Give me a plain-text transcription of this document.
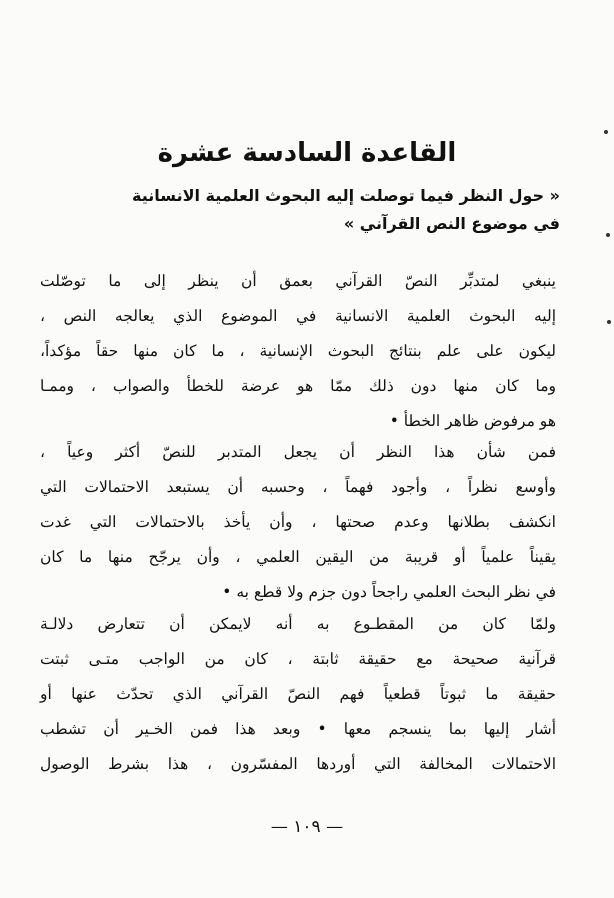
القاعدة السادسة عشرة
« حول النظر فيما توصلت إليه البحوث العلمية الانسانية
في موضوع النص القرآني »
ينبغي لمتدبِّر النصّ القرآني بعمق أن ينظر إلى ما توصّلت
إليه البحوث العلمية الانسانية في الموضوع الذي يعالجه النص ،
ليكون على علم بنتائج البحوث الإنسانية ، ما كان منها حقاً مؤكداً،
وما كان منها دون ذلك ممّا هو عرضة للخطأ والصواب ، وممـا
هو مرفوض ظاهر الخطأ •
فمن شأن هذا النظر أن يجعل المتدبر للنصّ أكثر وعياً ،
وأوسع نظراً ، وأجود فهماً ، وحسبه أن يستبعد الاحتمالات التي
انكشف بطلانها وعدم صحتها ، وأن يأخذ بالاحتمالات التي غدت
يقيناً علمياً أو قريبة من اليقين العلمي ، وأن يرجّح منها ما كان
في نظر البحث العلمي راجحاً دون جزم ولا قطع به •
ولمّا كان من المقطـوع به أنه لايمكن أن تتعارض دلالـة
قرآنية صحيحة مع حقيقة ثابتة ، كان من الواجب متـى ثبتت
حقيقة ما ثبوتاً قطعياً فهم النصّ القرآني الذي تحدّث عنها أو
أشار إليها بما ينسجم معها • وبعد هذا فمن الخـير أن تشطب
الاحتمالات المخالفة التي أوردها المفسّرون ، هذا بشرط الوصول
— ١٠٩ —
